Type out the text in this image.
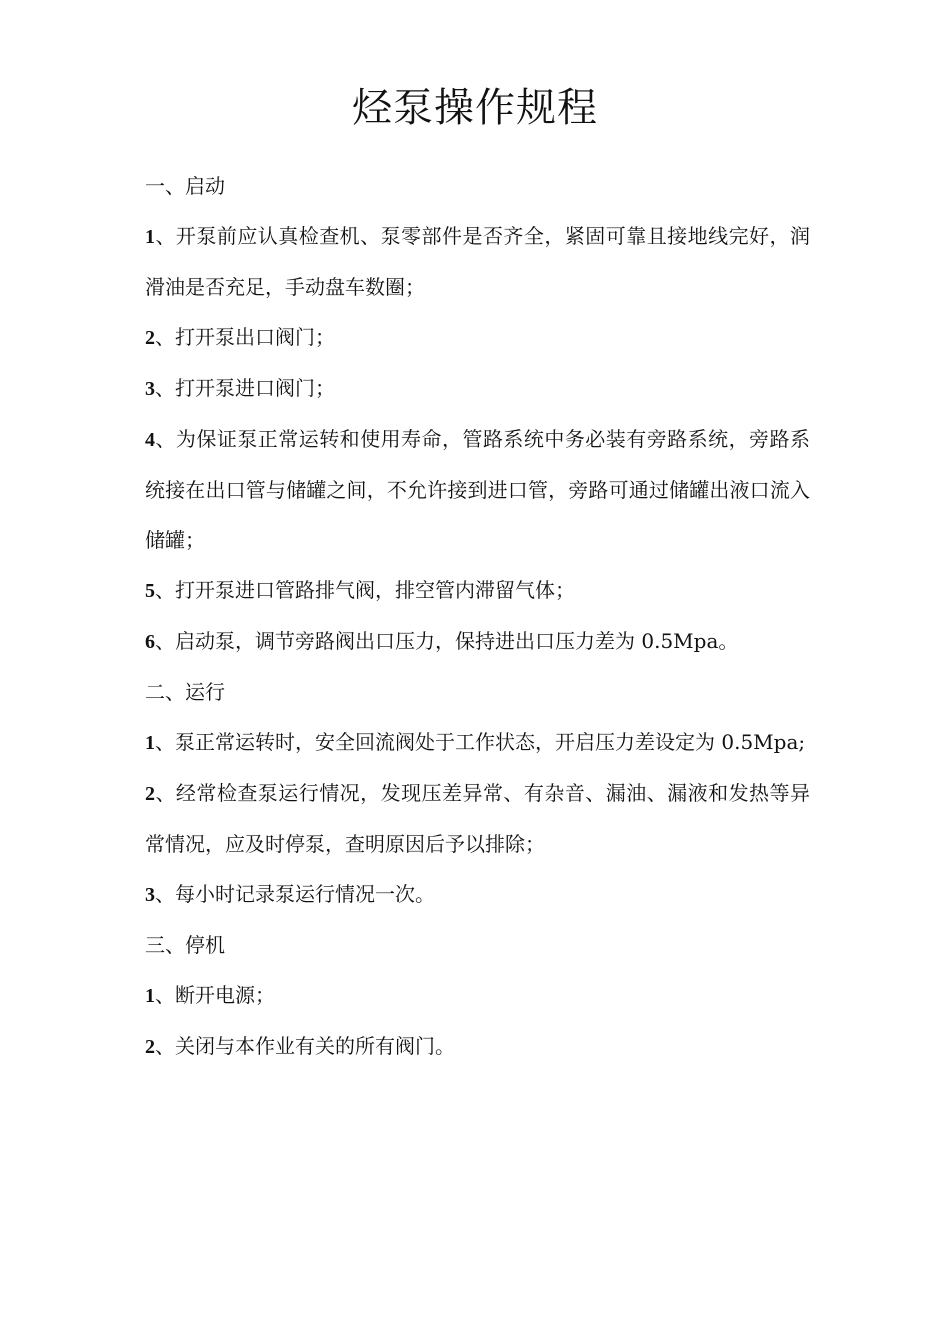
烃泵操作规程

一、启动

1、开泵前应认真检查机、泵零部件是否齐全，紧固可靠且接地线完好，润滑油是否充足，手动盘车数圈；

2、打开泵出口阀门；

3、打开泵进口阀门；

4、为保证泵正常运转和使用寿命，管路系统中务必装有旁路系统，旁路系统接在出口管与储罐之间，不允许接到进口管，旁路可通过储罐出液口流入储罐；

5、打开泵进口管路排气阀，排空管内滞留气体；

6、启动泵，调节旁路阀出口压力，保持进出口压力差为 0.5Mpa。

二、运行

1、泵正常运转时，安全回流阀处于工作状态，开启压力差设定为 0.5Mpa;

2、经常检查泵运行情况，发现压差异常、有杂音、漏油、漏液和发热等异常情况，应及时停泵，查明原因后予以排除；

3、每小时记录泵运行情况一次。

三、停机

1、断开电源；

2、关闭与本作业有关的所有阀门。
